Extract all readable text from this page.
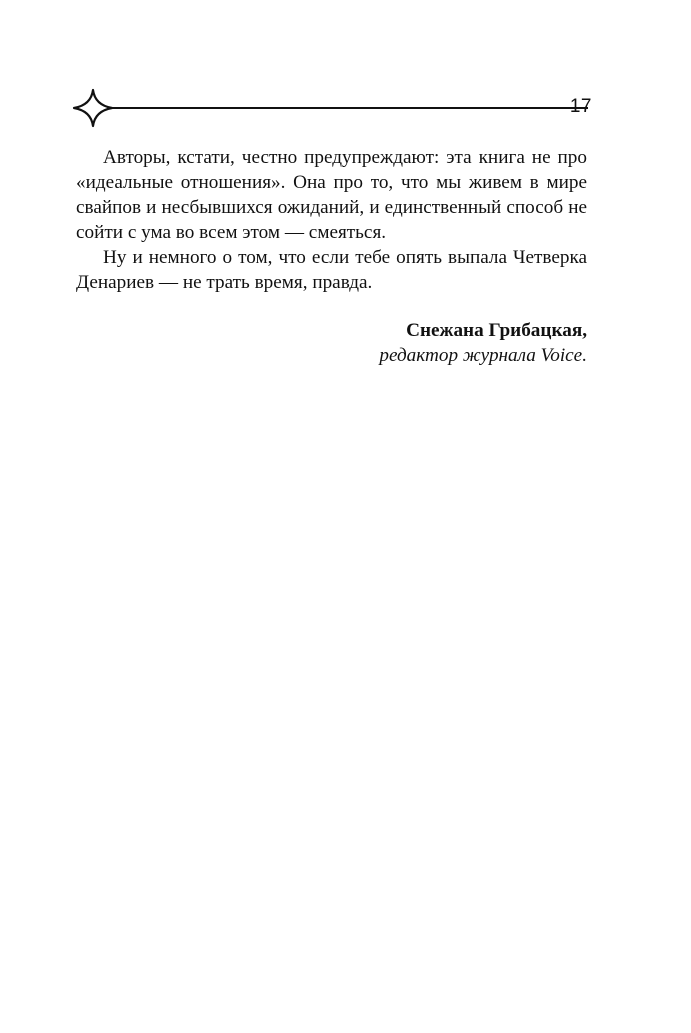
17

Авторы, кстати, честно предупреждают: эта книга не про «идеальные отношения». Она про то, что мы живем в мире свайпов и несбывшихся ожиданий, и единственный способ не сойти с ума во всем этом — смеяться.

Ну и немного о том, что если тебе опять выпала Четверка Денариев — не трать время, правда.

Снежана Грибацкая,
редактор журнала Voice.
